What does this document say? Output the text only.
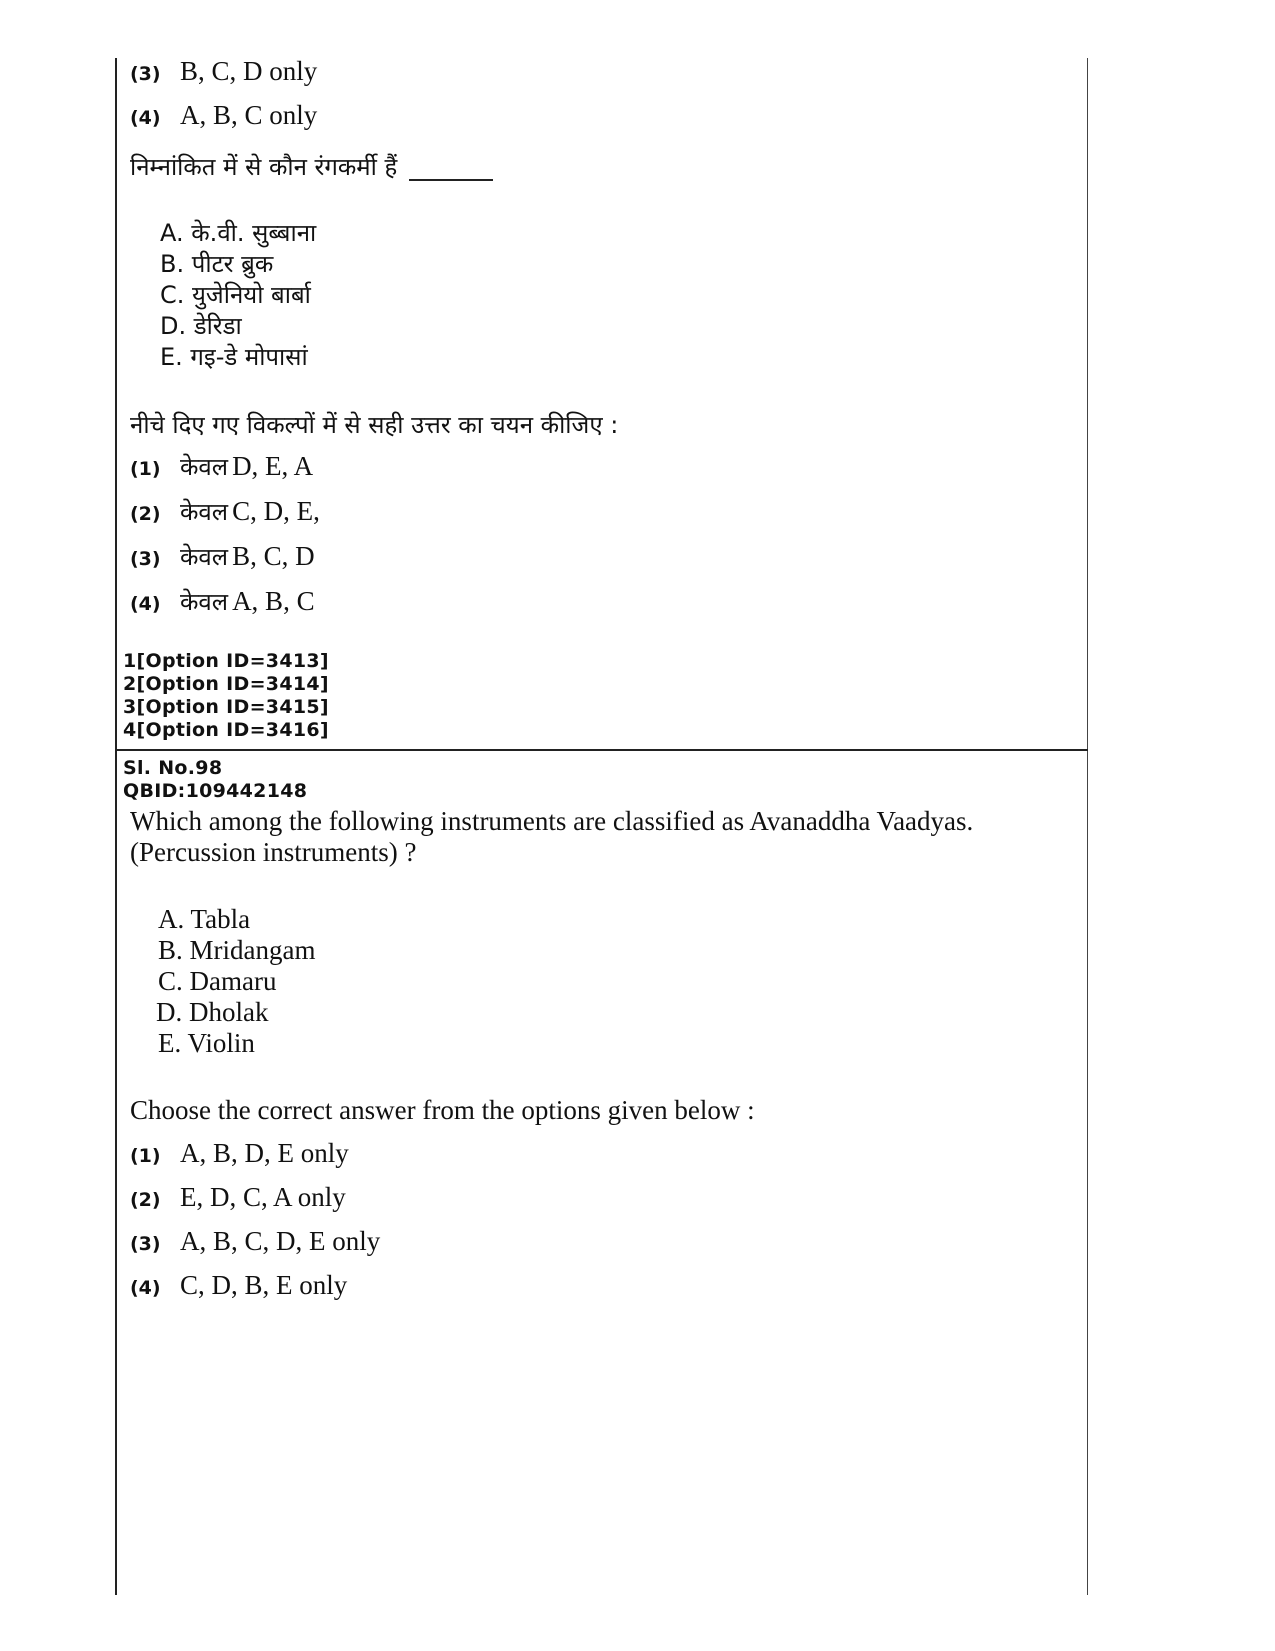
(3) B, C, D only
(4) A, B, C only
निम्नांकित में से कौन रंगकर्मी हैं
A. के.वी. सुब्बाना
B. पीटर ब्रुक
C. युजेनियो बार्बा
D. डेरिडा
E. गइ-डे मोपासां
नीचे दिए गए विकल्पों में से सही उत्तर का चयन कीजिए :
(1) केवल
D, E, A
(2) केवल
C, D, E,
(3) केवल
B, C, D
(4) केवल
A, B, C
1[Option ID=3413]
2[Option ID=3414]
3[Option ID=3415]
4[Option ID=3416]
Sl. No.98
QBID:109442148
Which among the following instruments are classified as Avanaddha Vaadyas.
(Percussion instruments) ?
A. Tabla
B. Mridangam
C. Damaru
D. Dholak
E. Violin
Choose the correct answer from the options given below :
(1) A, B, D, E only
(2) E, D, C, A only
(3) A, B, C, D, E only
(4) C, D, B, E only
